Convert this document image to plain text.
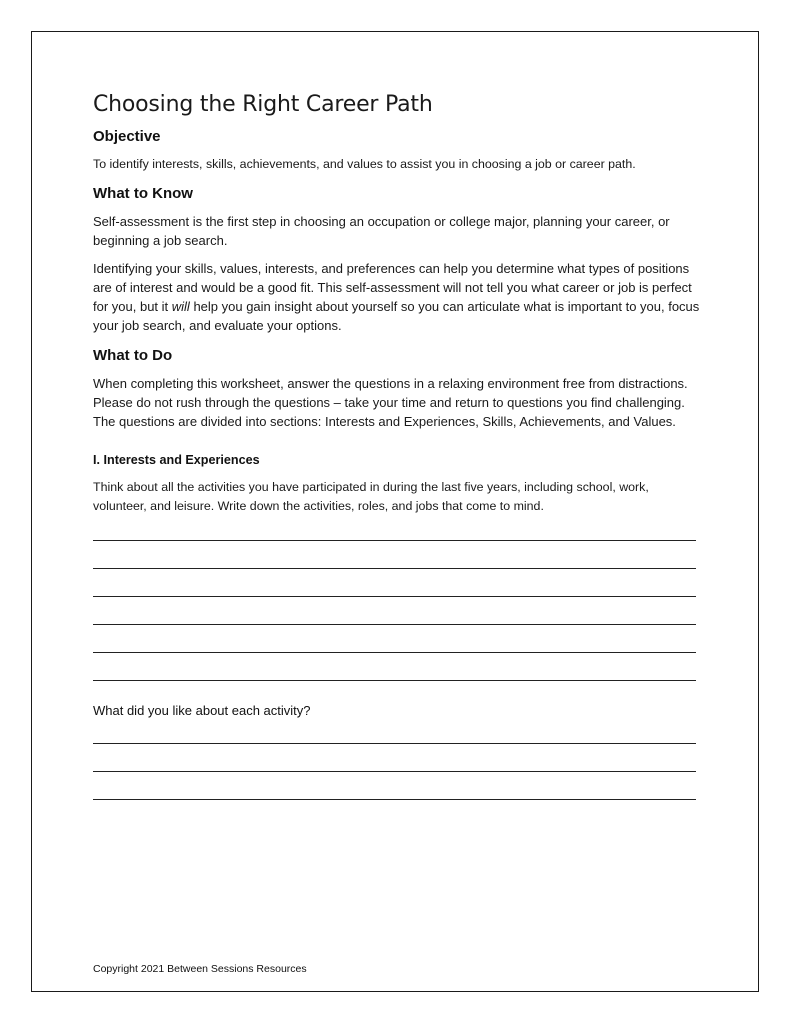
Choosing the Right Career Path
Objective

To identify interests, skills, achievements, and values to assist you in choosing a job or career path.

What to Know

Self-assessment is the first step in choosing an occupation or college major, planning your career, or beginning a job search.

Identifying your skills, values, interests, and preferences can help you determine what types of positions are of interest and would be a good fit. This self-assessment will not tell you what career or job is perfect for you, but it will help you gain insight about yourself so you can articulate what is important to you, focus your job search, and evaluate your options.

What to Do

When completing this worksheet, answer the questions in a relaxing environment free from distractions. Please do not rush through the questions – take your time and return to questions you find challenging. The questions are divided into sections: Interests and Experiences, Skills, Achievements, and Values.

I. Interests and Experiences

Think about all the activities you have participated in during the last five years, including school, work, volunteer, and leisure. Write down the activities, roles, and jobs that come to mind.

What did you like about each activity?
Copyright 2021 Between Sessions Resources
